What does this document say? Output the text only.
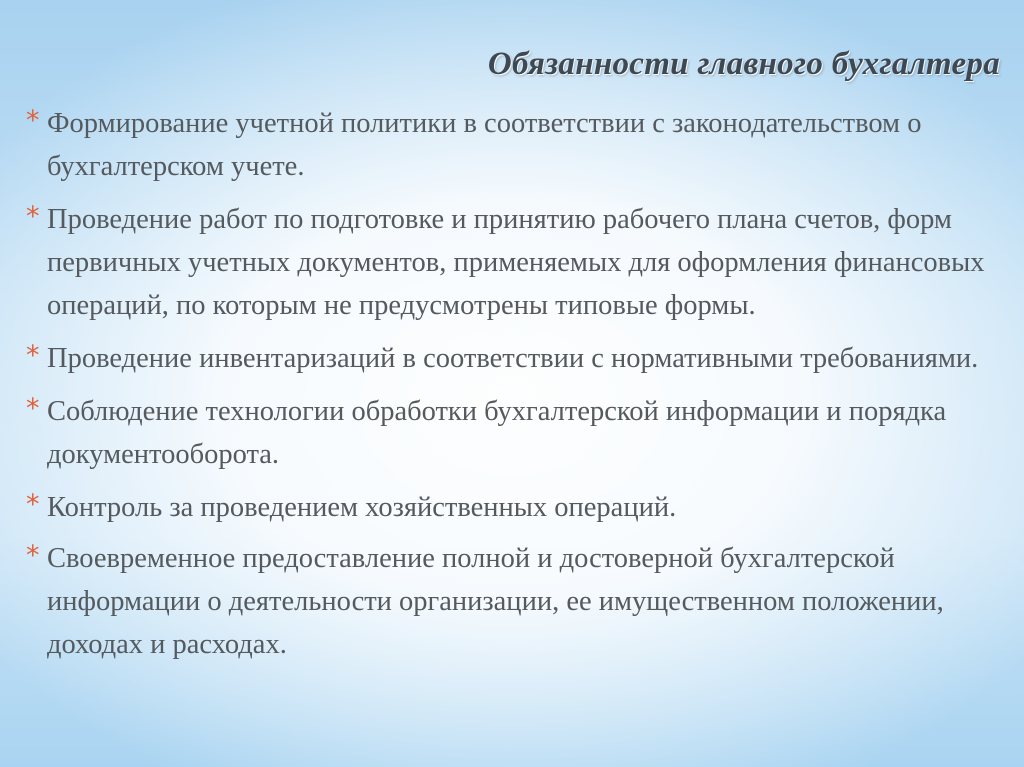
Обязанности главного бухгалтера
* Формирование учетной политики в соответствии с законодательством о бухгалтерском учете.
* Проведение работ по подготовке и принятию рабочего плана счетов, форм первичных учетных документов, применяемых для оформления финансовых операций, по которым не предусмотрены типовые формы.
* Проведение инвентаризаций в соответствии с нормативными требованиями.
* Соблюдение технологии обработки бухгалтерской информации и порядка документооборота.
* Контроль за проведением хозяйственных операций.
* Своевременное предоставление полной и достоверной бухгалтерской информации о деятельности организации, ее имущественном положении, доходах и расходах.
